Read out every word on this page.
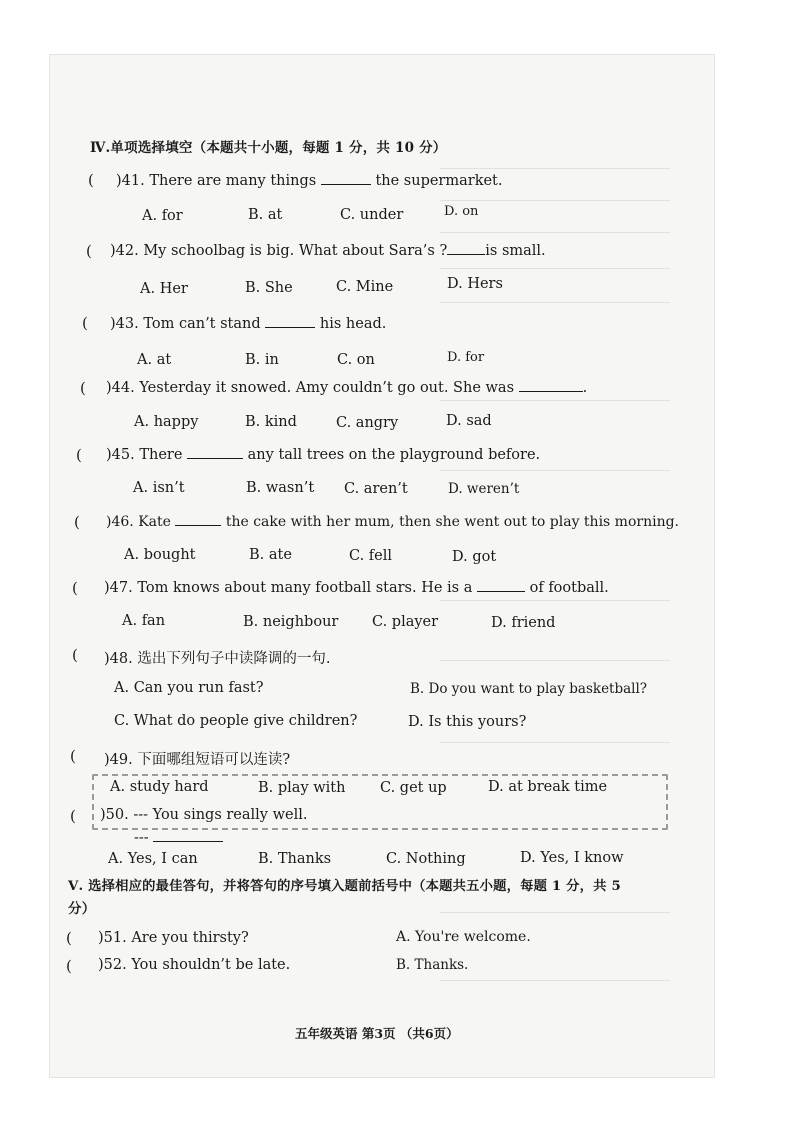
Ⅳ.单项选择填空（本题共十小题，每题 1 分，共 10 分）
( )41. There are many things	the supermarket.
A. for	B. at	C. under	D. on
( )42. My schoolbag is big. What about Sara’s ?	is small.
A. Her	B. She	C. Mine	D. Hers
( )43. Tom can’t stand	his head.
A. at	B. in	C. on	D. for
( )44. Yesterday it snowed. Amy couldn’t go out. She was	.
A. happy	B. kind	C. angry	D. sad
( )45. There	any tall trees on the playground before.
A. isn’t	B. wasn’t C. aren’t	D. weren’t
( )46. Kate	the cake with her mum, then she went out to play this morning.
A. bought	B. ate	C. fell	D. got
( )47. Tom knows about many football stars. He is a	of football.
A. fan	B. neighbour C. player	D. friend
( )48. 选出下列句子中读降调的一句.
A. Can you run fast?	B. Do you want to play basketball?
C. What do people give children?	D. Is this yours?
( )49. 下面哪组短语可以连读?
A. study hard	B. play with C. get up	D. at break time
( )50. --- You sings really well.
---
A. Yes, I can	B. Thanks	C. Nothing	D. Yes, I know
Ⅴ. 选择相应的最佳答句，并将答句的序号填入题前括号中（本题共五小题，每题 1 分，共 5
分）
( )51. Are you thirsty?	A. You're welcome.
( )52. You shouldn’t be late.	B. Thanks.
五年级英语 第3页 （共6页）
